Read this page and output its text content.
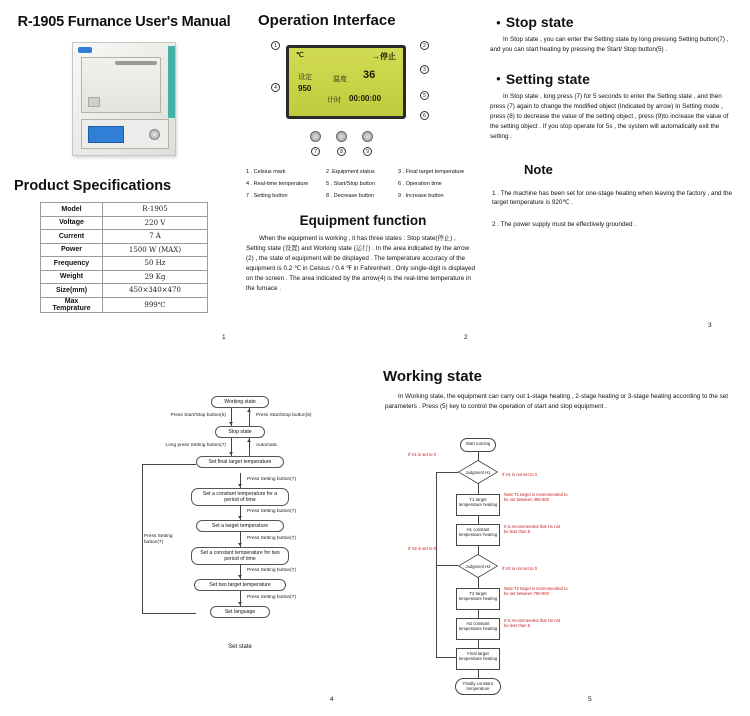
R-1905 Furnance User's Manual
Product Specifications
Model	R-1905
Voltage	220 V
Current	7 A
Power	1500 W (MAX)
Frequency	50 Hz
Weight	29 Kg
Size(mm)	450×340×470
Max Temprature	999℃
Operation Interface
℃	→停止
设定
950
温度 36
计时 00:00:00
1
4
2
3
5
6
7	8	9
1 . Celsius mark	2 .Equipment status	3 . Final target temperature
4 . Real-time temperature	5 . Start/Stop button	6 . Operation time
7 . Setting button	8 . Decrease button	9 . Increase button
Equipment function
When the equipment is working , it has three states : Stop state(停止) , Setting state (设置) and Working state (运行) . In the area indicated by the arrow (2) , the state of equipment will be displayed . The temperature accuracy of the equipment is 0.2 ℃ in Celsius / 0.4 ℉ in Fahrenheit . Only single-digit is displayed on the screen . The area indicated by the arrow(4) is the real-time temperature in the furnace .
● Stop state
In Stop state , you can enter the Setting state by long pressing Setting button(7) , and you can start heating by pressing the Start/ Stop button(5) .
● Setting state
In Stop state , long press (7) for 5 seconds to enter the Setting state , and then press (7) again to change the modified object (Indicated by arrow) In Setting mode , press (8) to decrease the value of the setting object , press (9)to increase the value of the setting object . If you stop operate for 5s , the system will automatically exit the setting .
Note
1 . The machine has been set for one-stage heating when leaving the factory , and the target temperature is 920℃ .
2 . The power supply must be effectively grounded .
Press Setting button(7)
Set state
Working state
Stop state
Set final target temperature
Set a constant temperature for a period of time
Set a target temperature
Set a constant temperature for two period of time
Set two target temperature
Set language
Press Start/Stop button(5)	Press Start/Stop button(5)
Long press Setting button(7)	Automatic
Press Setting button(7)
Press Setting button(7)
Press Setting button(7)
Press Setting button(7)
Press Setting button(7)
Working state
In Working state, the equipment can carry out 1-stage heating , 2-stage heating or 3-stage heating according to the set parameters . Press (5) key to control the operation of start and stop equipment .
Start running
Judgment H1
T1 target temperature heating
H1 constant temperature heating
Judgment H2
T2 target temperature heating
H2 constant temperature heating
Final target temperature heating
Finally constant temperature
If H1 is set to 0
If H1 is not set to 0
Note:T1 target is recommended to be set between 405-500
It is recommended that H1 not be less than 5
If H2 is set to 0
If H2 is not set to 0
Note:T2 target is recommended to be set between 700-800
It is recommended that H2 not be less than 5
1	2
3
4	5
